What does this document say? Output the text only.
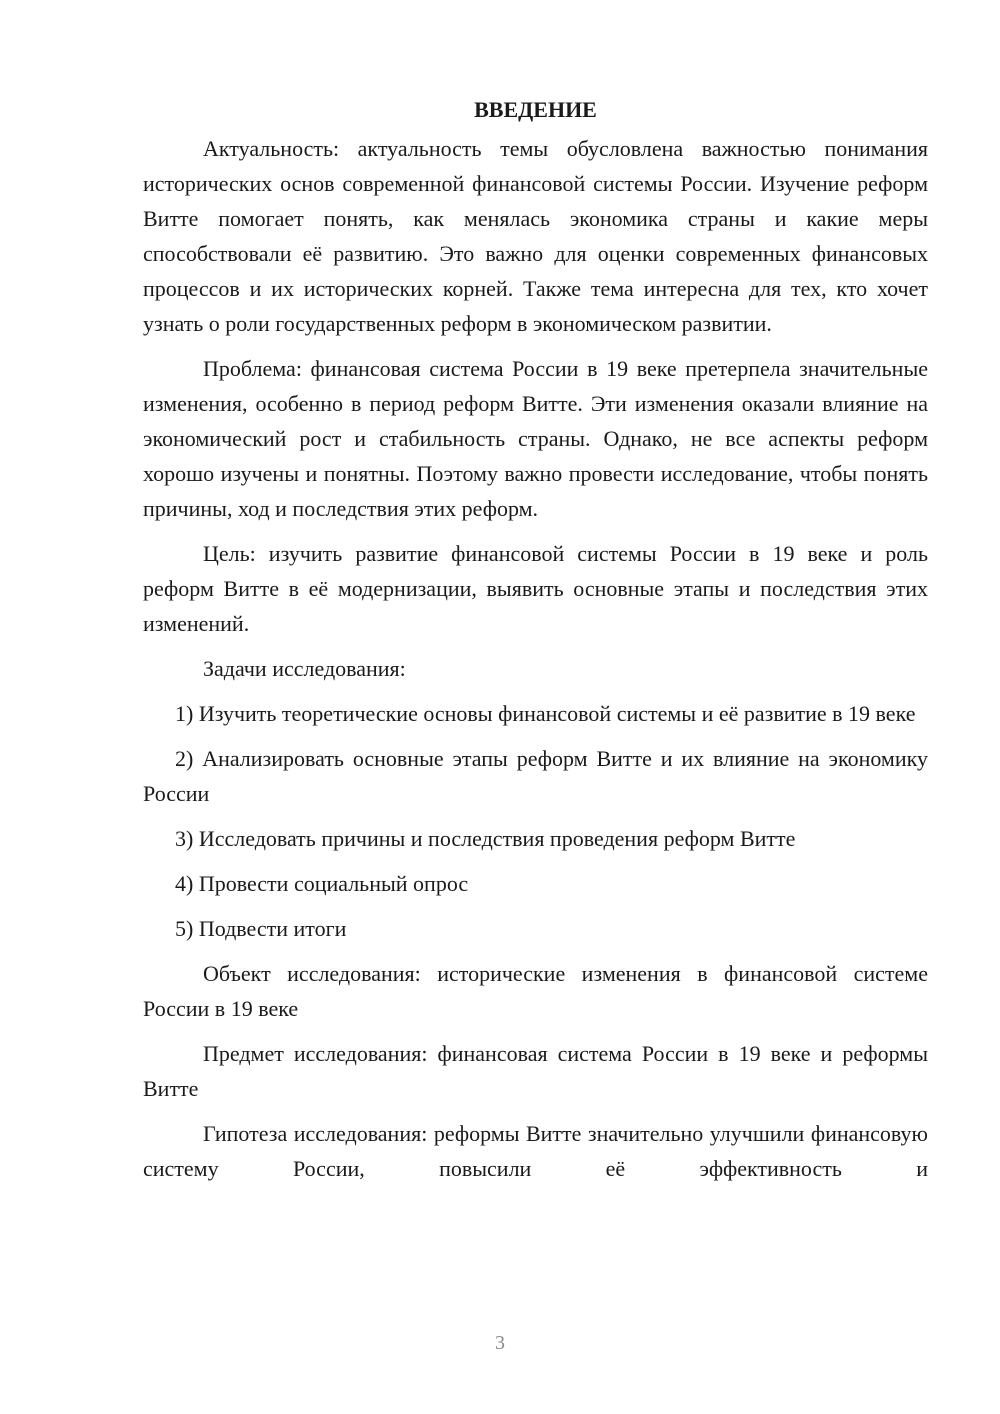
ВВЕДЕНИЕ

Актуальность: актуальность темы обусловлена важностью понимания исторических основ современной финансовой системы России. Изучение реформ Витте помогает понять, как менялась экономика страны и какие меры способствовали её развитию. Это важно для оценки современных финансовых процессов и их исторических корней. Также тема интересна для тех, кто хочет узнать о роли государственных реформ в экономическом развитии.

Проблема: финансовая система России в 19 веке претерпела значительные изменения, особенно в период реформ Витте. Эти изменения оказали влияние на экономический рост и стабильность страны. Однако, не все аспекты реформ хорошо изучены и понятны. Поэтому важно провести исследование, чтобы понять причины, ход и последствия этих реформ.

Цель: изучить развитие финансовой системы России в 19 веке и роль реформ Витте в её модернизации, выявить основные этапы и последствия этих изменений.

Задачи исследования:

1) Изучить теоретические основы финансовой системы и её развитие в 19 веке

2) Анализировать основные этапы реформ Витте и их влияние на экономику России

3) Исследовать причины и последствия проведения реформ Витте

4) Провести социальный опрос

5) Подвести итоги

Объект исследования: исторические изменения в финансовой системе России в 19 веке

Предмет исследования: финансовая система России в 19 веке и реформы Витте

Гипотеза исследования: реформы Витте значительно улучшили финансовую систему России, повысили её эффективность и

3
